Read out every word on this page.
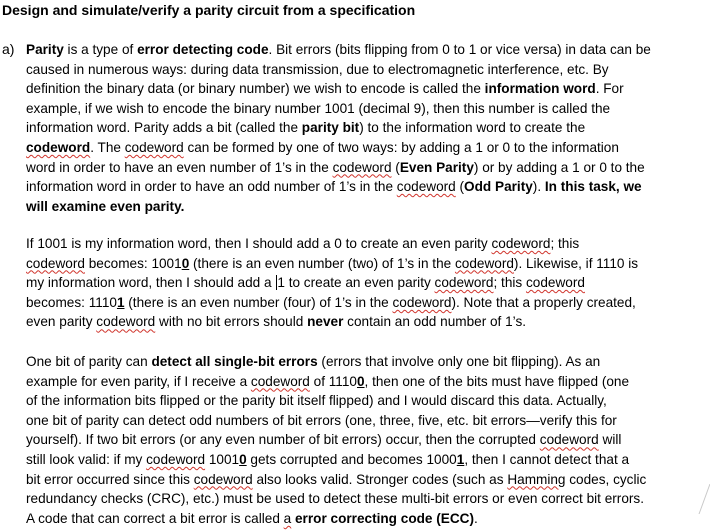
Design and simulate/verify a parity circuit from a specification
a) Parity is a type of error detecting code. Bit errors (bits flipping from 0 to 1 or vice versa) in data can be
caused in numerous ways: during data transmission, due to electromagnetic interference, etc. By
definition the binary data (or binary number) we wish to encode is called the information word. For
example, if we wish to encode the binary number 1001 (decimal 9), then this number is called the
information word. Parity adds a bit (called the parity bit) to the information word to create the
codeword. The codeword can be formed by one of two ways: by adding a 1 or 0 to the information
word in order to have an even number of 1’s in the codeword (Even Parity) or by adding a 1 or 0 to the
information word in order to have an odd number of 1’s in the codeword (Odd Parity). In this task, we
will examine even parity.
If 1001 is my information word, then I should add a 0 to create an even parity codeword; this
codeword becomes: 10010 (there is an even number (two) of 1’s in the codeword). Likewise, if 1110 is
my information word, then I should add a 1 to create an even parity codeword; this codeword
becomes: 11101 (there is an even number (four) of 1’s in the codeword). Note that a properly created,
even parity codeword with no bit errors should never contain an odd number of 1’s.
One bit of parity can detect all single-bit errors (errors that involve only one bit flipping). As an
example for even parity, if I receive a codeword of 11100, then one of the bits must have flipped (one
of the information bits flipped or the parity bit itself flipped) and I would discard this data. Actually,
one bit of parity can detect odd numbers of bit errors (one, three, five, etc. bit errors—verify this for
yourself). If two bit errors (or any even number of bit errors) occur, then the corrupted codeword will
still look valid: if my codeword 10010 gets corrupted and becomes 10001, then I cannot detect that a
bit error occurred since this codeword also looks valid. Stronger codes (such as Hamming codes, cyclic
redundancy checks (CRC), etc.) must be used to detect these multi-bit errors or even correct bit errors.
A code that can correct a bit error is called a error correcting code (ECC).
